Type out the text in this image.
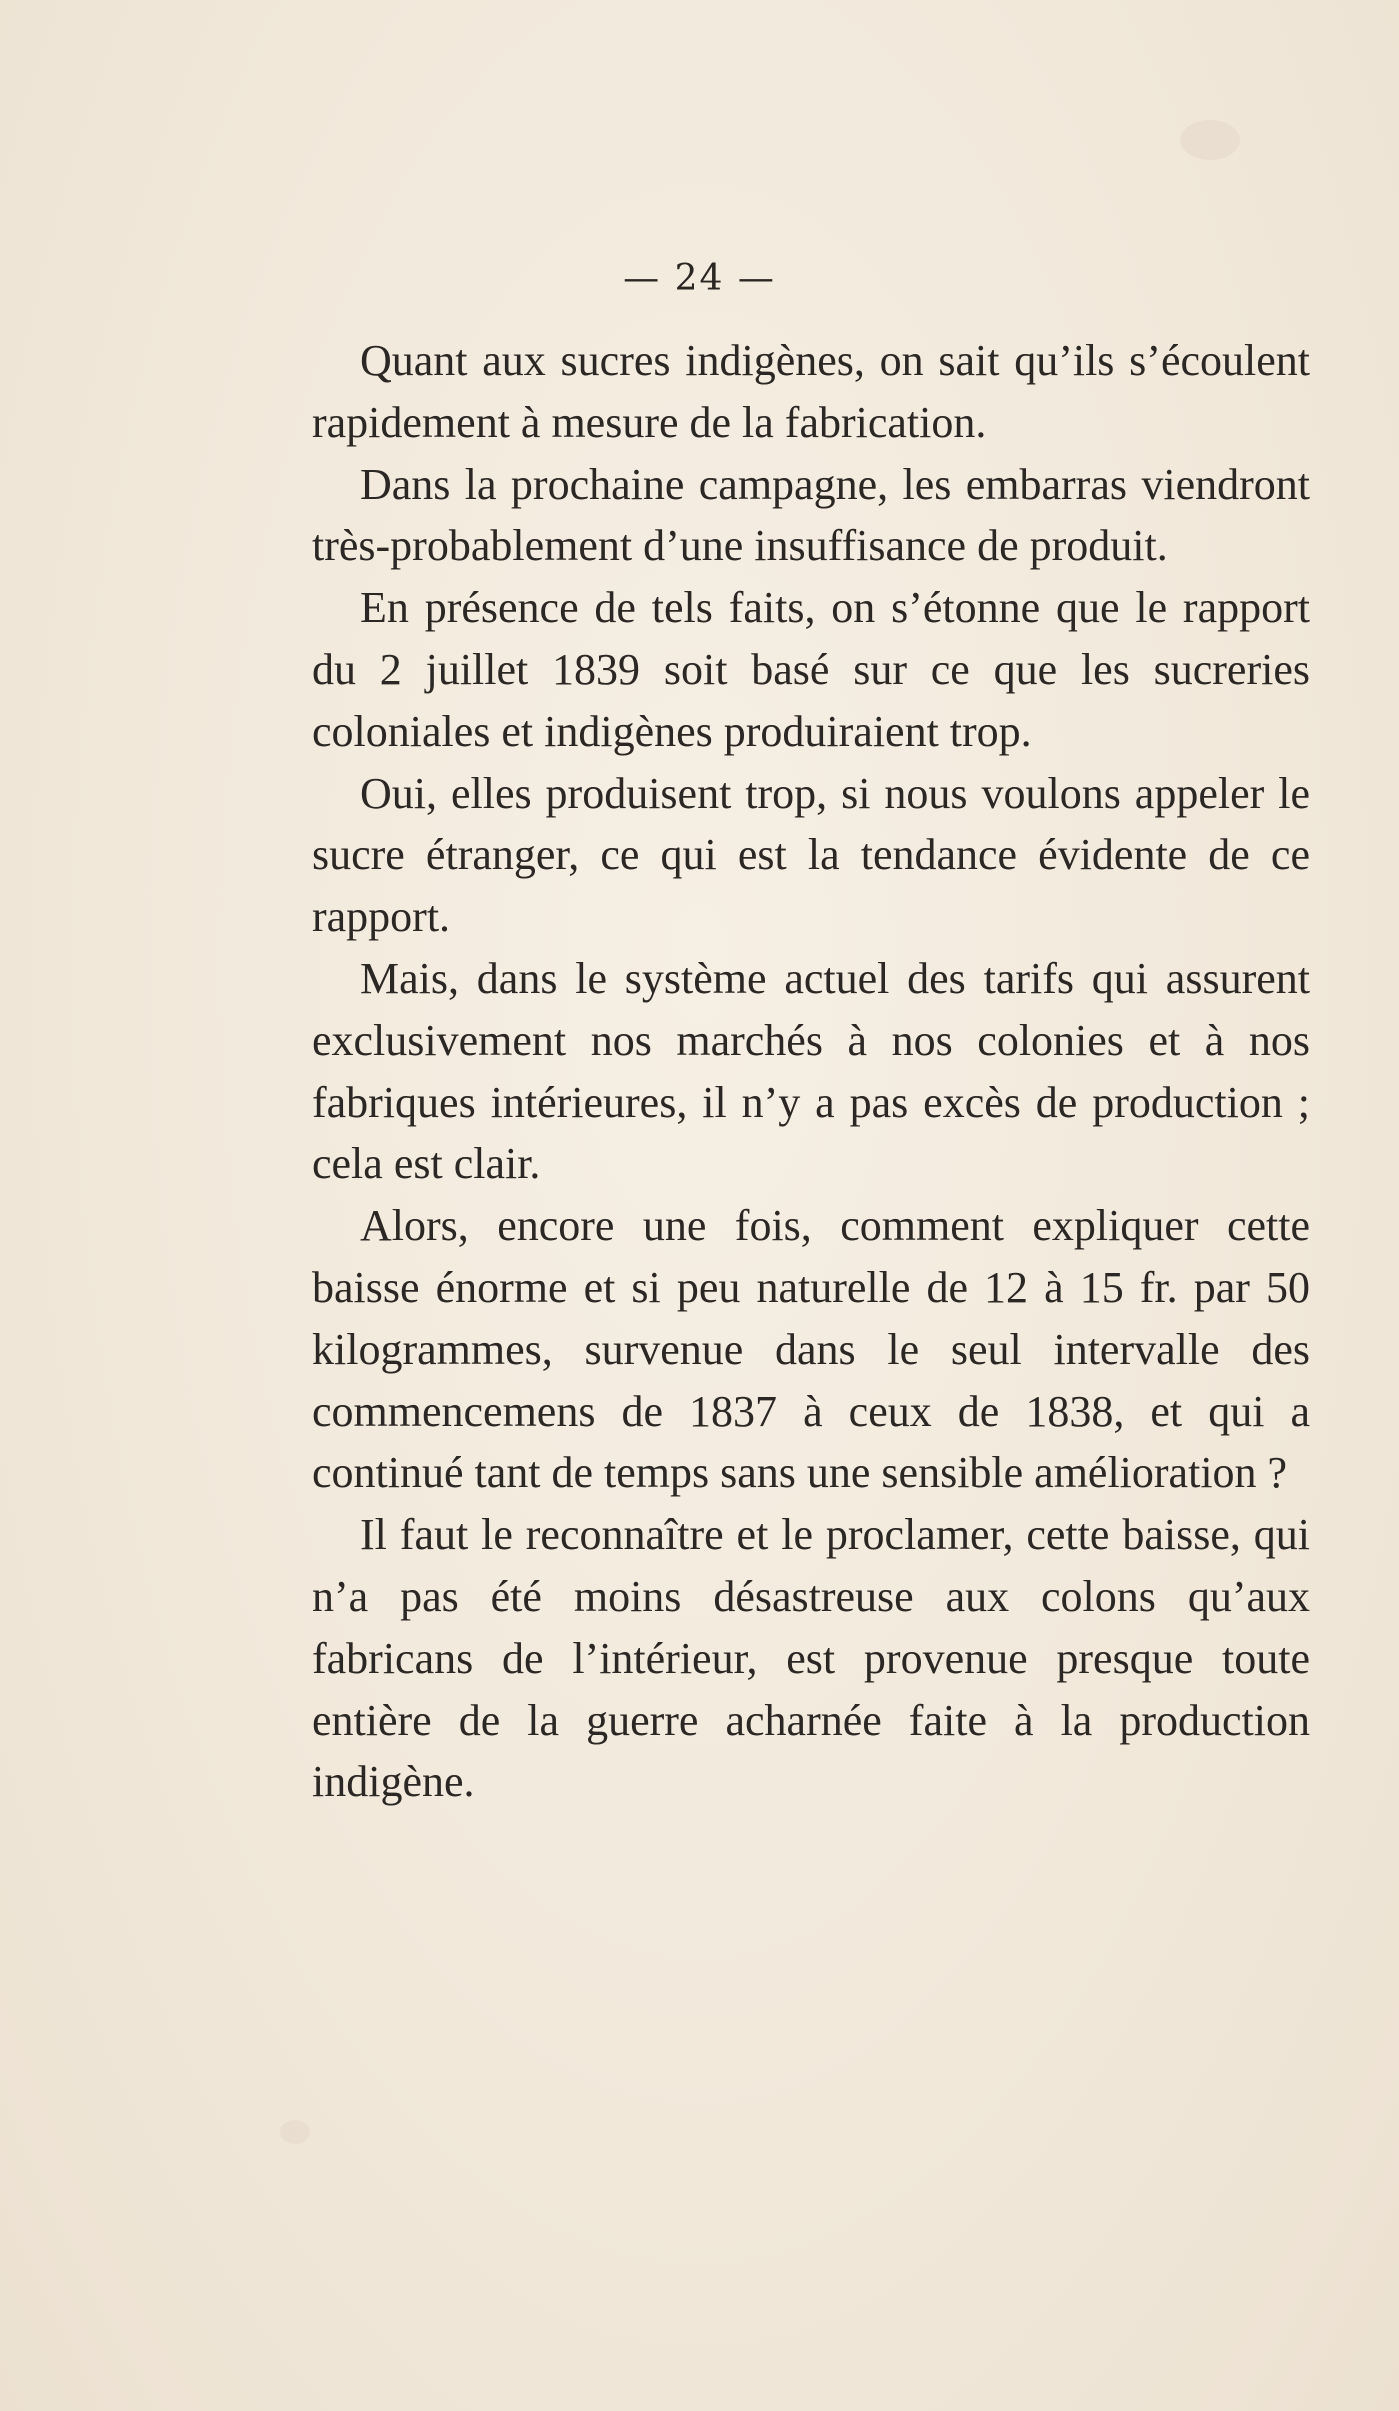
— 24 —

Quant aux sucres indigènes, on sait qu’ils s’écoulent rapidement à mesure de la fabrication.

Dans la prochaine campagne, les embarras viendront très-probablement d’une insuffisance de produit.

En présence de tels faits, on s’étonne que le rapport du 2 juillet 1839 soit basé sur ce que les sucreries coloniales et indigènes produiraient trop.

Oui, elles produisent trop, si nous voulons appeler le sucre étranger, ce qui est la tendance évidente de ce rapport.

Mais, dans le système actuel des tarifs qui assurent exclusivement nos marchés à nos colonies et à nos fabriques intérieures, il n’y a pas excès de production ; cela est clair.

Alors, encore une fois, comment expliquer cette baisse énorme et si peu naturelle de 12 à 15 fr. par 50 kilogrammes, survenue dans le seul intervalle des commencemens de 1837 à ceux de 1838, et qui a continué tant de temps sans une sensible amélioration ?

Il faut le reconnaître et le proclamer, cette baisse, qui n’a pas été moins désastreuse aux colons qu’aux fabricans de l’intérieur, est provenue presque toute entière de la guerre acharnée faite à la production indigène.
